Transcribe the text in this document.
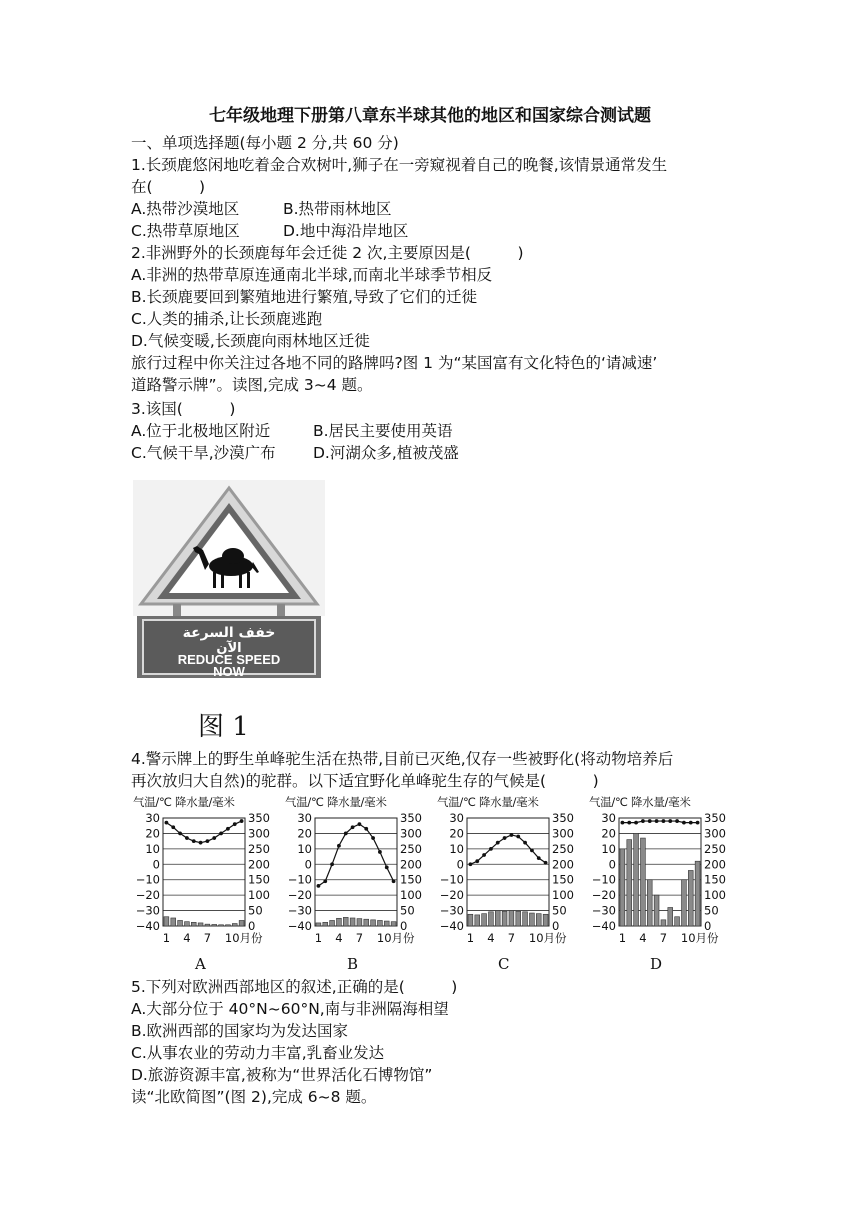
七年级地理下册第八章东半球其他的地区和国家综合测试题
一、单项选择题(每小题 2 分,共 60 分)
1.长颈鹿悠闲地吃着金合欢树叶,狮子在一旁窥视着自己的晚餐,该情景通常发生
在(　　　)
A.热带沙漠地区	B.热带雨林地区
C.热带草原地区	D.地中海沿岸地区
2.非洲野外的长颈鹿每年会迁徙 2 次,主要原因是(　　　)
A.非洲的热带草原连通南北半球,而南北半球季节相反
B.长颈鹿要回到繁殖地进行繁殖,导致了它们的迁徙
C.人类的捕杀,让长颈鹿逃跑
D.气候变暖,长颈鹿向雨林地区迁徙
旅行过程中你关注过各地不同的路牌吗?图 1 为“某国富有文化特色的‘请减速’
道路警示牌”。读图,完成 3~4 题。
3.该国(　　　)
A.位于北极地区附近	B.居民主要使用英语
C.气候干旱,沙漠广布 D.河湖众多,植被茂盛
خفف السرعة
الآن
REDUCE SPEED
NOW
图 1
4.警示牌上的野生单峰驼生活在热带,目前已灭绝,仅存一些被野化(将动物培养后
再次放归大自然)的驼群。以下适宜野化单峰驼生存的气候是(　　　)
气温/℃ 降水量/毫米
30	350
20	300
10	250
0	200
−10	150
−20	100
−30	50
−40	0
1 4 7 10月份
气温/℃ 降水量/毫米
30	350
20	300
10	250
0	200
−10	150
−20	100
−30	50
−40	0
1 4 7 10月份
气温/℃ 降水量/毫米
30	350
20	300
10	250
0	200
−10	150
−20	100
−30	50
−40	0
1 4 7 10月份
气温/℃ 降水量/毫米
30	350
20	300
10	250
0	200
−10	150
−20	100
−30	50
−40	0
1 4 7 10月份
A	B	C	D
5.下列对欧洲西部地区的叙述,正确的是(　　　)
A.大部分位于 40°N~60°N,南与非洲隔海相望
B.欧洲西部的国家均为发达国家
C.从事农业的劳动力丰富,乳畜业发达
D.旅游资源丰富,被称为“世界活化石博物馆”
读“北欧简图”(图 2),完成 6~8 题。
